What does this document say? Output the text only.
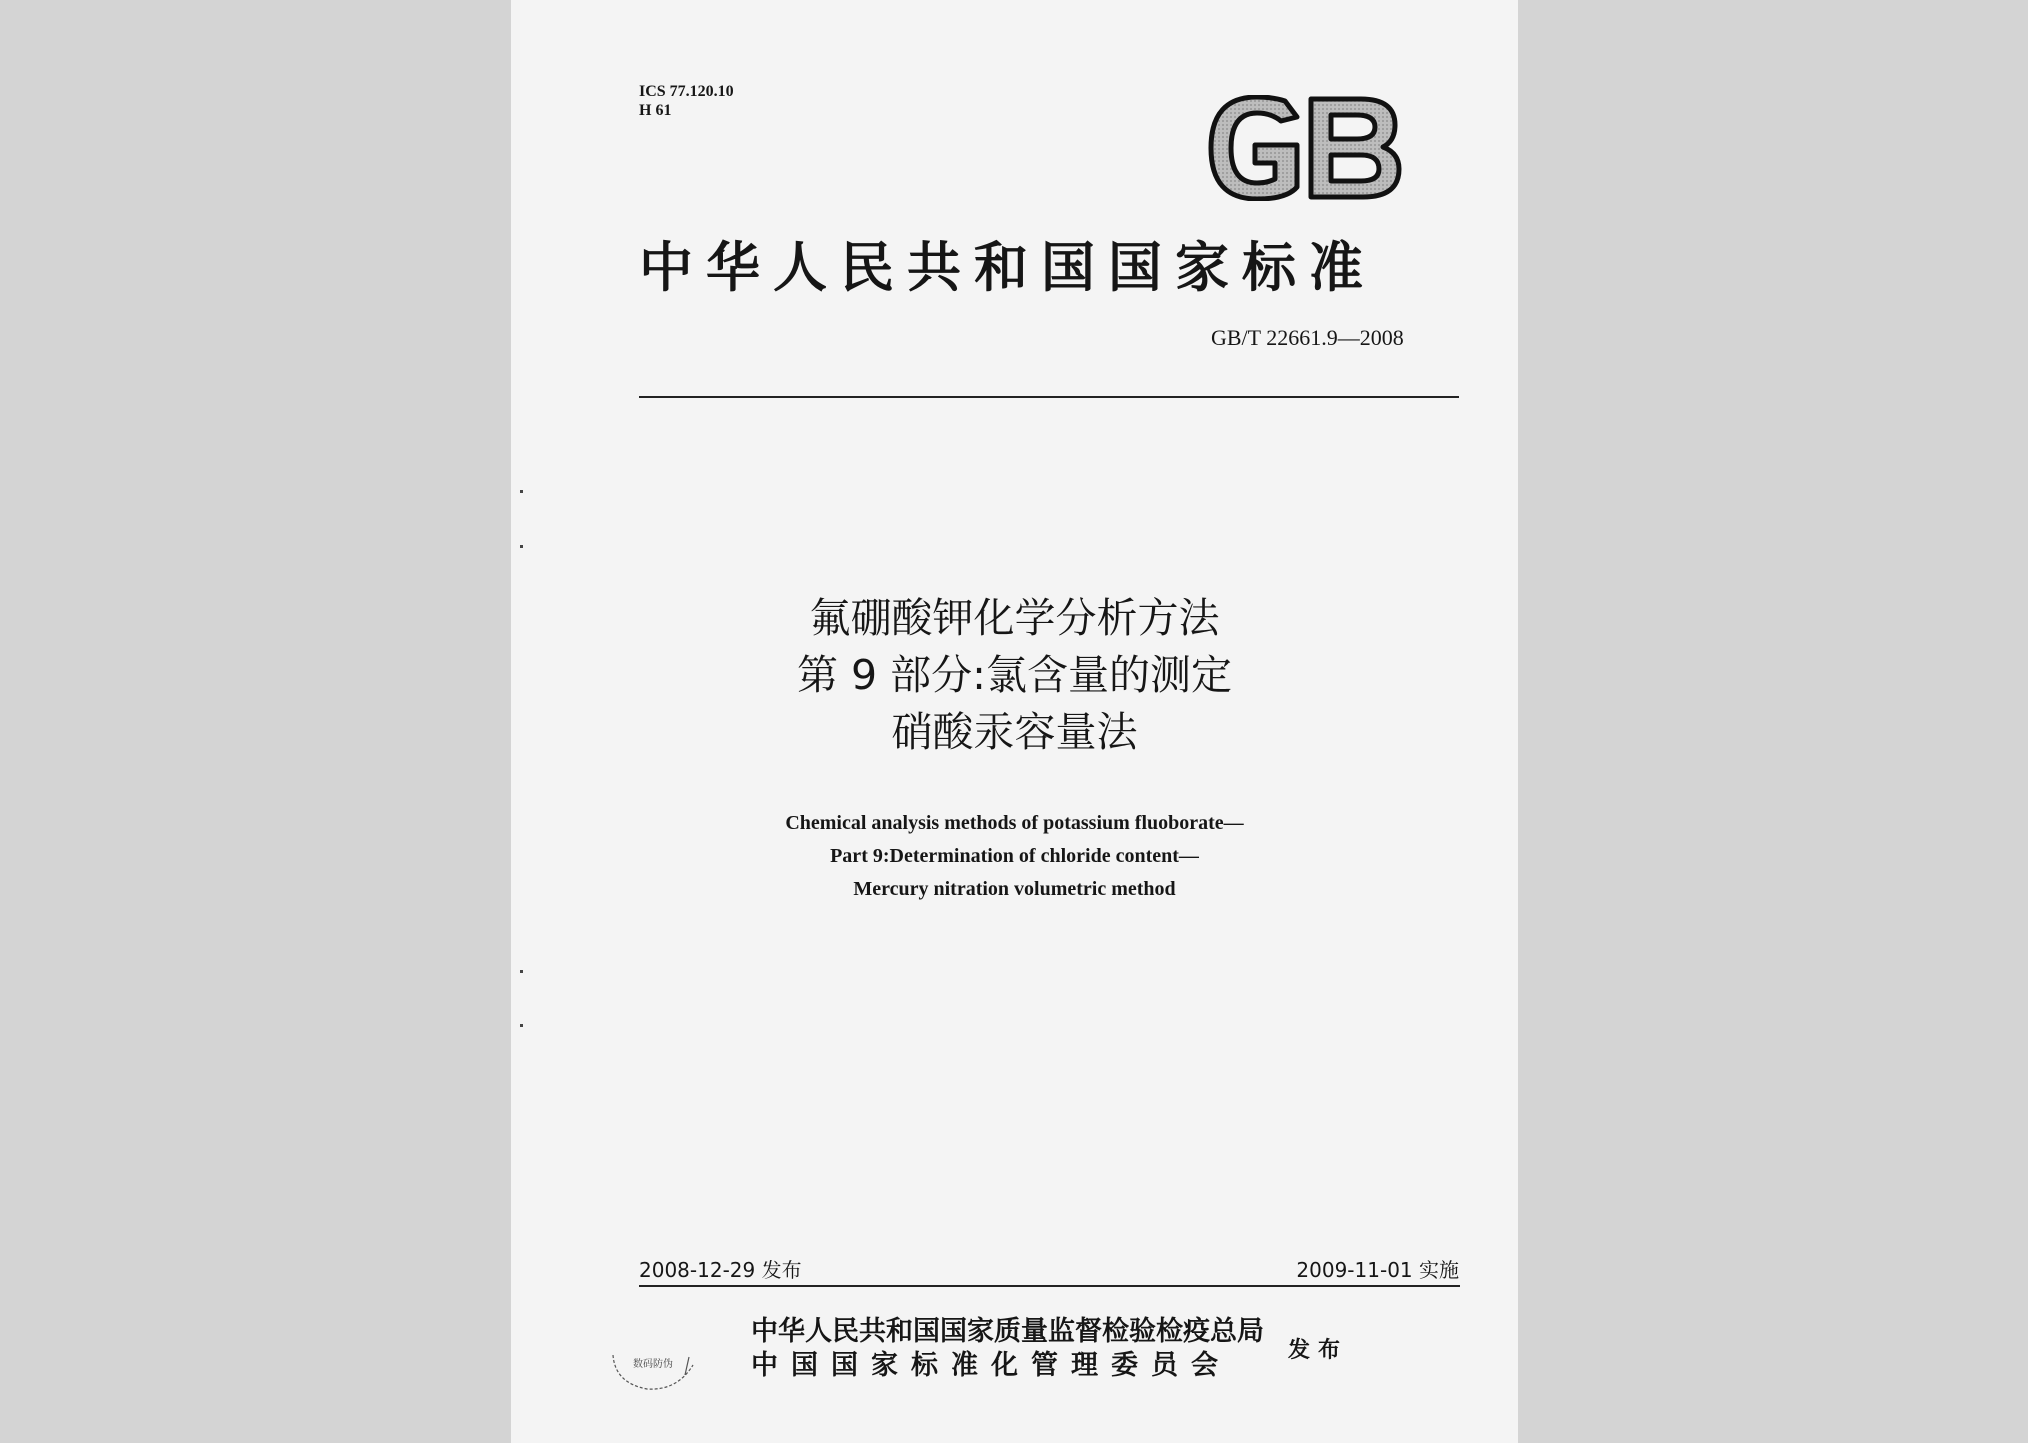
ICS 77.120.10
H 61
中华人民共和国国家标准
GB/T 22661.9—2008
氟硼酸钾化学分析方法
第 9 部分:氯含量的测定
硝酸汞容量法
Chemical analysis methods of potassium fluoborate—
Part 9:Determination of chloride content—
Mercury nitration volumetric method
2008-12-29 发布	2009-11-01 实施
中华人民共和国国家质量监督检验检疫总局
中国国家标准化管理委员会	发布
数码防伪
